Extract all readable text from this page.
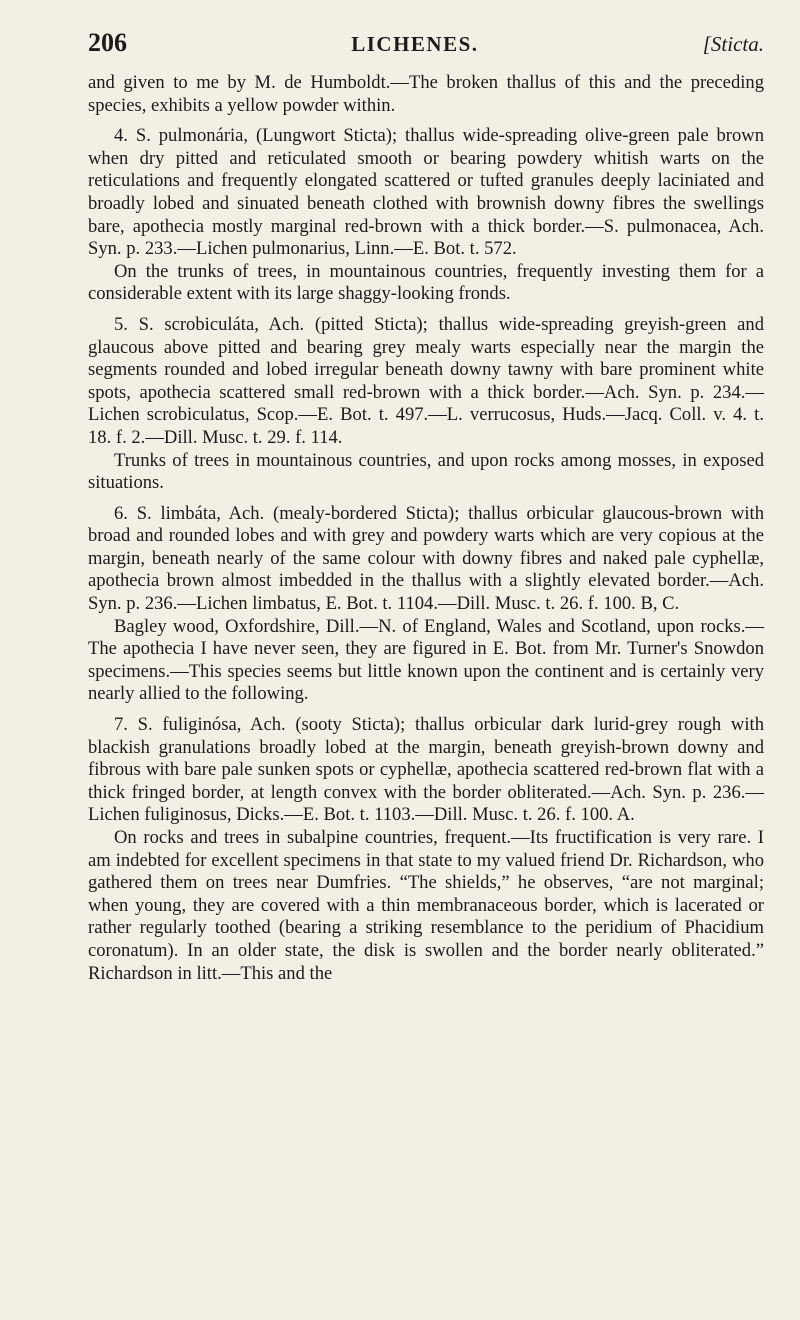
206	LICHENES.	[Sticta.

and given to me by M. de Humboldt.—The broken thallus of this and the preceding species, exhibits a yellow powder within.

4. S. pulmonária, (Lungwort Sticta); thallus wide-spreading olive-green pale brown when dry pitted and reticulated smooth or bearing powdery whitish warts on the reticulations and frequently elongated scattered or tufted granules deeply laciniated and broadly lobed and sinuated beneath clothed with brownish downy fibres the swellings bare, apothecia mostly marginal red-brown with a thick border.—S. pulmonacea, Ach. Syn. p. 233.—Lichen pulmonarius, Linn.—E. Bot. t. 572.

On the trunks of trees, in mountainous countries, frequently investing them for a considerable extent with its large shaggy-looking fronds.

5. S. scrobiculáta, Ach. (pitted Sticta); thallus wide-spreading greyish-green and glaucous above pitted and bearing grey mealy warts especially near the margin the segments rounded and lobed irregular beneath downy tawny with bare prominent white spots, apothecia scattered small red-brown with a thick border.—Ach. Syn. p. 234.—Lichen scrobiculatus, Scop.—E. Bot. t. 497.—L. verrucosus, Huds.—Jacq. Coll. v. 4. t. 18. f. 2.—Dill. Musc. t. 29. f. 114.

Trunks of trees in mountainous countries, and upon rocks among mosses, in exposed situations.

6. S. limbáta, Ach. (mealy-bordered Sticta); thallus orbicular glaucous-brown with broad and rounded lobes and with grey and powdery warts which are very copious at the margin, beneath nearly of the same colour with downy fibres and naked pale cyphellæ, apothecia brown almost imbedded in the thallus with a slightly elevated border.—Ach. Syn. p. 236.—Lichen limbatus, E. Bot. t. 1104.—Dill. Musc. t. 26. f. 100. B, C.

Bagley wood, Oxfordshire, Dill.—N. of England, Wales and Scotland, upon rocks.—The apothecia I have never seen, they are figured in E. Bot. from Mr. Turner's Snowdon specimens.—This species seems but little known upon the continent and is certainly very nearly allied to the following.

7. S. fuliginósa, Ach. (sooty Sticta); thallus orbicular dark lurid-grey rough with blackish granulations broadly lobed at the margin, beneath greyish-brown downy and fibrous with bare pale sunken spots or cyphellæ, apothecia scattered red-brown flat with a thick fringed border, at length convex with the border obliterated.—Ach. Syn. p. 236.—Lichen fuliginosus, Dicks.—E. Bot. t. 1103.—Dill. Musc. t. 26. f. 100. A.

On rocks and trees in subalpine countries, frequent.—Its fructification is very rare. I am indebted for excellent specimens in that state to my valued friend Dr. Richardson, who gathered them on trees near Dumfries. “The shields,” he observes, “are not marginal; when young, they are covered with a thin membranaceous border, which is lacerated or rather regularly toothed (bearing a striking resemblance to the peridium of Phacidium coronatum). In an older state, the disk is swollen and the border nearly obliterated.” Richardson in litt.—This and the
